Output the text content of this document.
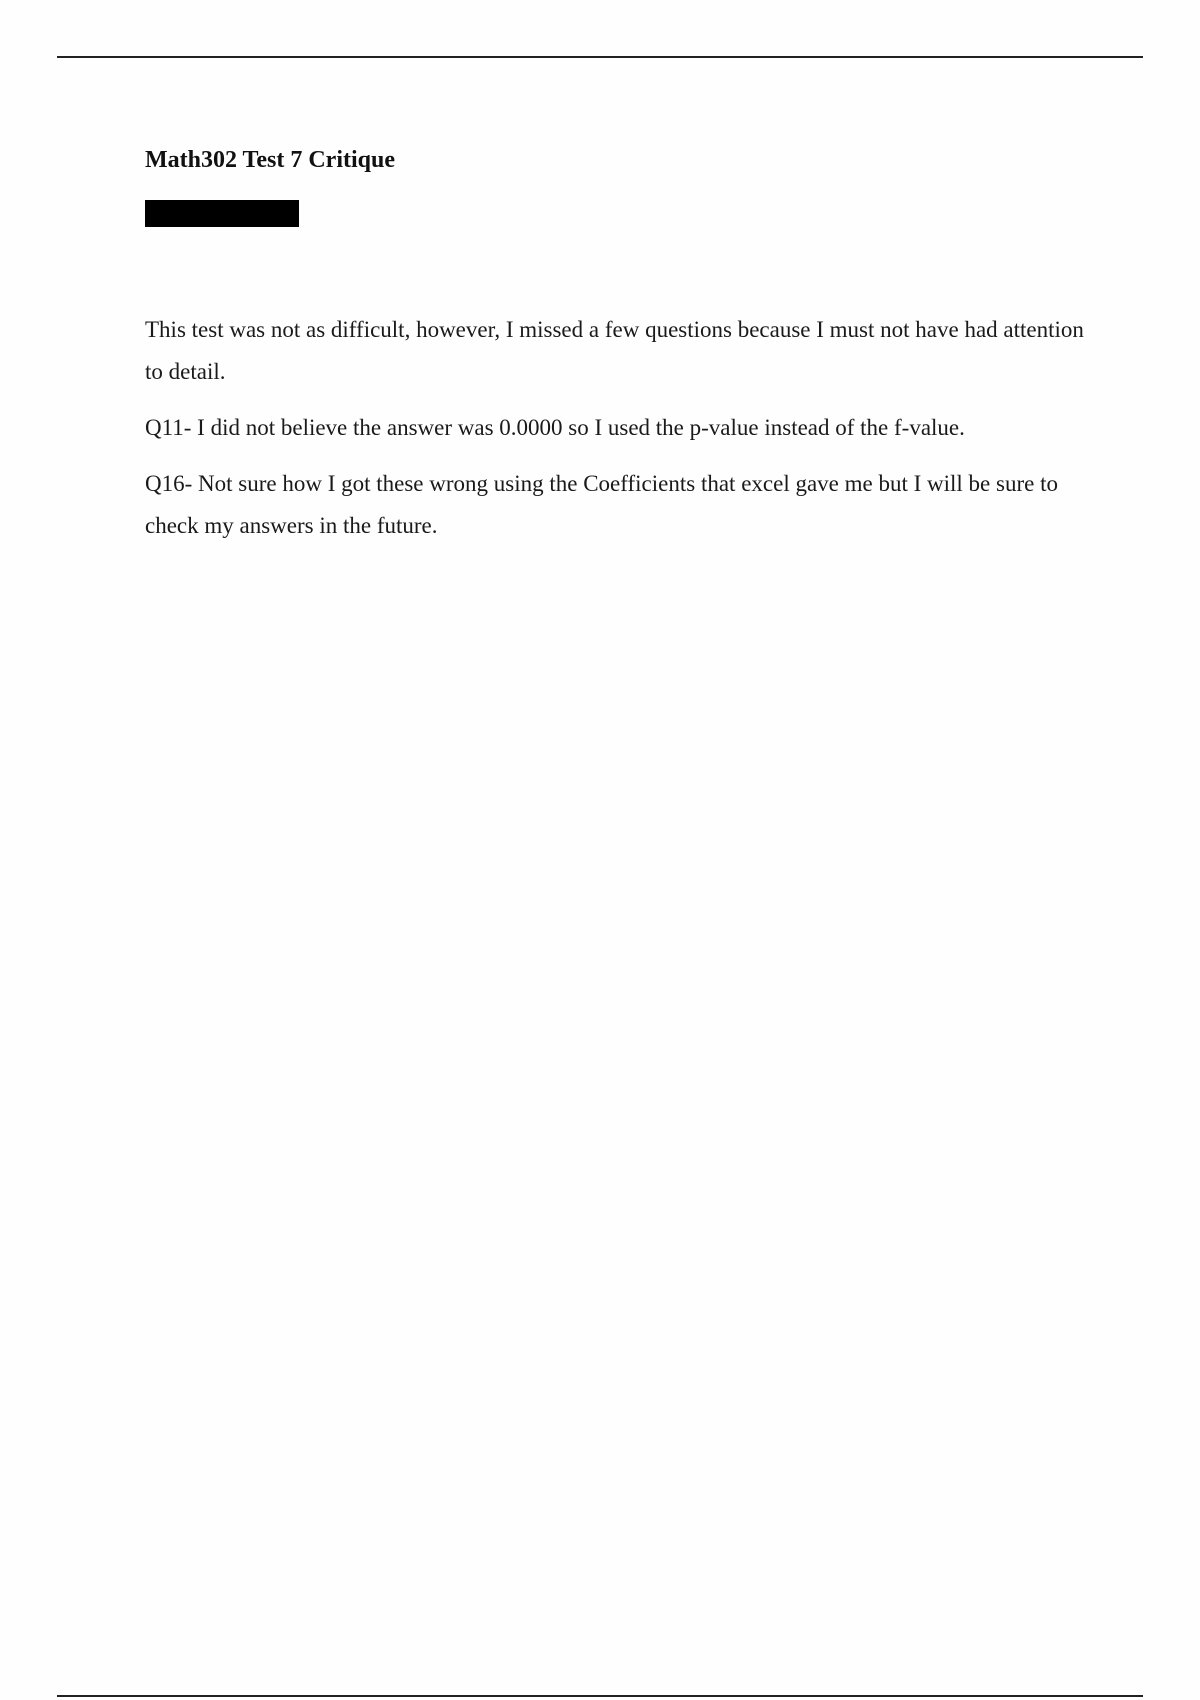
Math302 Test 7 Critique

This test was not as difficult, however, I missed a few questions because I must not have had attention to detail.

Q11- I did not believe the answer was 0.0000 so I used the p-value instead of the f-value.

Q16- Not sure how I got these wrong using the Coefficients that excel gave me but I will be sure to check my answers in the future.
